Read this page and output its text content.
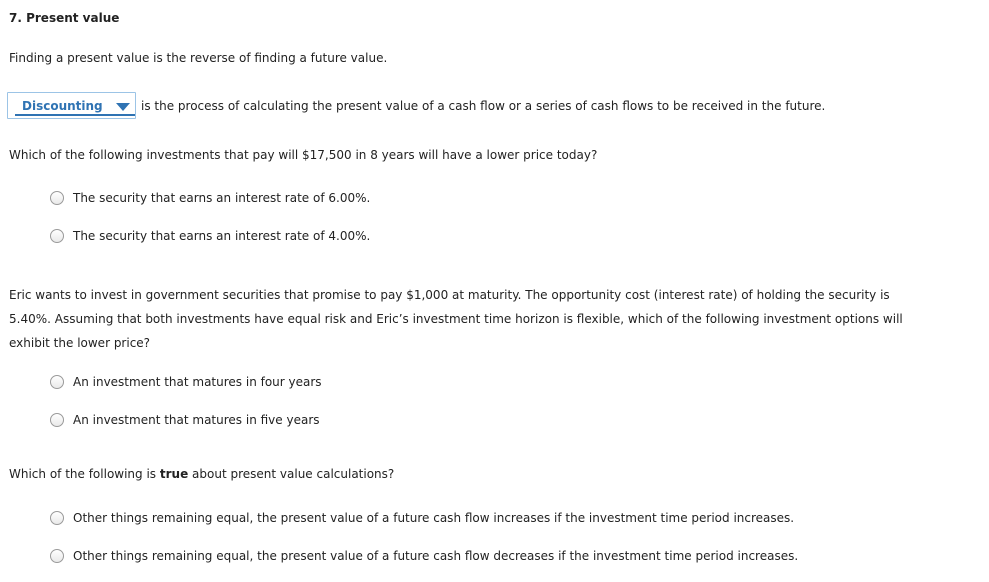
7. Present value
Finding a present value is the reverse of finding a future value.
Discounting	is the process of calculating the present value of a cash flow or a series of cash flows to be received in the future.
Which of the following investments that pay will $17,500 in 8 years will have a lower price today?
The security that earns an interest rate of 6.00%.
The security that earns an interest rate of 4.00%.
Eric wants to invest in government securities that promise to pay $1,000 at maturity. The opportunity cost (interest rate) of holding the security is 5.40%. Assuming that both investments have equal risk and Eric’s investment time horizon is flexible, which of the following investment options will exhibit the lower price?
An investment that matures in four years
An investment that matures in five years
Which of the following is true about present value calculations?
Other things remaining equal, the present value of a future cash flow increases if the investment time period increases.
Other things remaining equal, the present value of a future cash flow decreases if the investment time period increases.
